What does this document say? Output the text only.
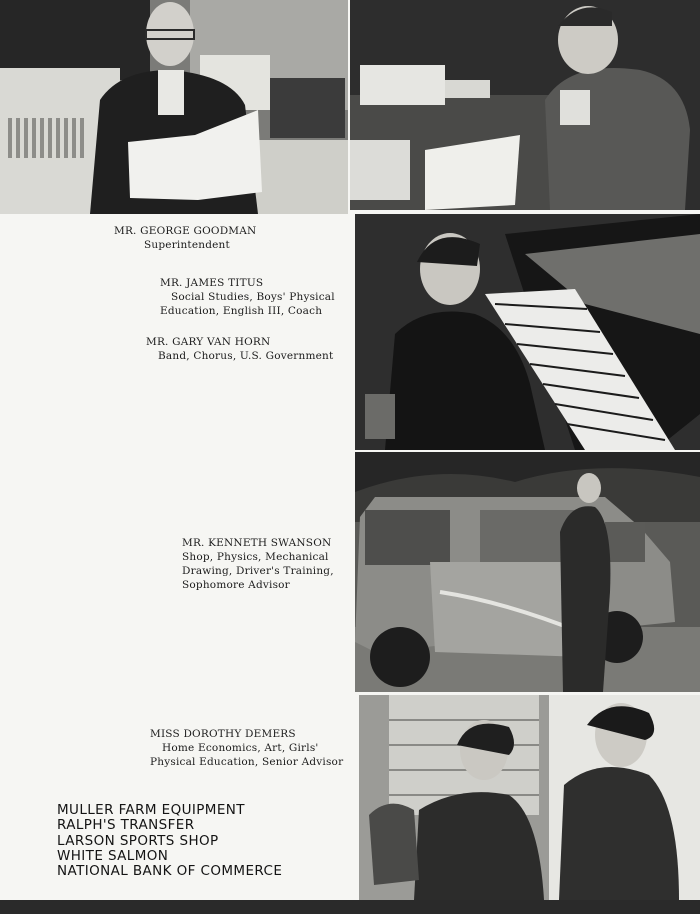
MR. GEORGE GOODMAN
Superintendent
MR. JAMES TITUS
Social Studies, Boys' Physical
Education, English III, Coach
MR. GARY VAN HORN
Band, Chorus, U.S. Government
MR. KENNETH SWANSON
Shop, Physics, Mechanical
Drawing, Driver's Training,
Sophomore Advisor
MISS DOROTHY DEMERS
Home Economics, Art, Girls'
Physical Education, Senior Advisor
MULLER FARM EQUIPMENT
RALPH'S TRANSFER
LARSON SPORTS SHOP
WHITE SALMON
NATIONAL BANK OF COMMERCE
